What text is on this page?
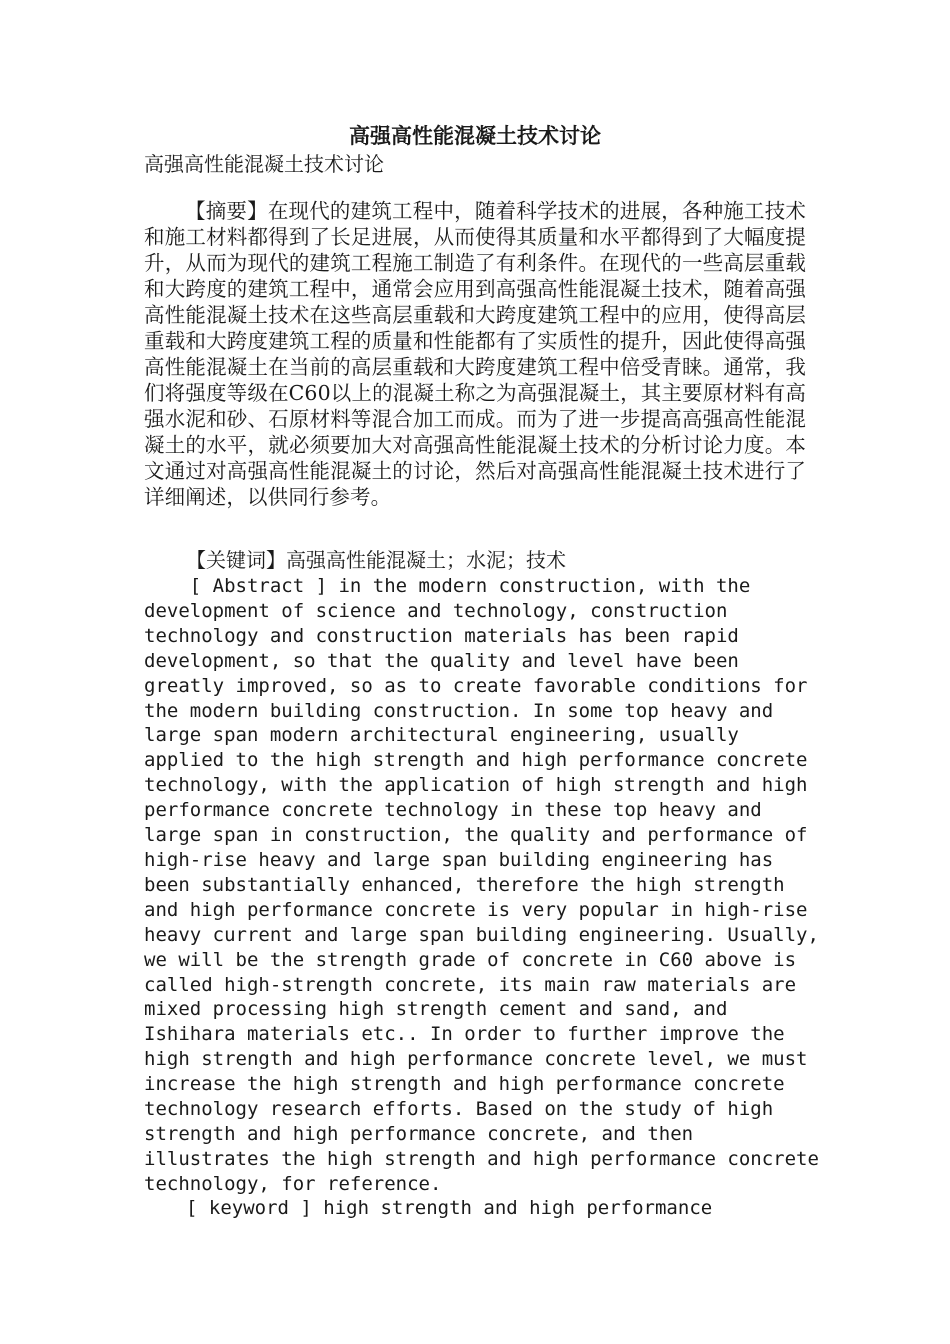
高强高性能混凝土技术讨论
高强高性能混凝土技术讨论
【摘要】在现代的建筑工程中，随着科学技术的进展，各种施工技术和施工材料都得到了长足进展，从而使得其质量和水平都得到了大幅度提升，从而为现代的建筑工程施工制造了有利条件。在现代的一些高层重载和大跨度的建筑工程中，通常会应用到高强高性能混凝土技术，随着高强高性能混凝土技术在这些高层重载和大跨度建筑工程中的应用，使得高层重载和大跨度建筑工程的质量和性能都有了实质性的提升，因此使得高强高性能混凝土在当前的高层重载和大跨度建筑工程中倍受青睐。通常，我们将强度等级在C60以上的混凝土称之为高强混凝土，其主要原材料有高强水泥和砂、石原材料等混合加工而成。而为了进一步提高高强高性能混凝土的水平，就必须要加大对高强高性能混凝土技术的分析讨论力度。本文通过对高强高性能混凝土的讨论，然后对高强高性能混凝土技术进行了详细阐述，以供同行参考。
【关键词】高强高性能混凝土；水泥；技术
[ Abstract ] in the modern construction, with the
development of science and technology, construction
technology and construction materials has been rapid
development, so that the quality and level have been
greatly improved, so as to create favorable conditions for
the modern building construction. In some top heavy and
large span modern architectural engineering, usually
applied to the high strength and high performance concrete
technology, with the application of high strength and high
performance concrete technology in these top heavy and
large span in construction, the quality and performance of
high-rise heavy and large span building engineering has
been substantially enhanced, therefore the high strength
and high performance concrete is very popular in high-rise
heavy current and large span building engineering. Usually,
we will be the strength grade of concrete in C60 above is
called high-strength concrete, its main raw materials are
mixed processing high strength cement and sand, and
Ishihara materials etc.. In order to further improve the
high strength and high performance concrete level, we must
increase the high strength and high performance concrete
technology research efforts. Based on the study of high
strength and high performance concrete, and then
illustrates the high strength and high performance concrete
technology, for reference.
[ keyword ] high strength and high performance
